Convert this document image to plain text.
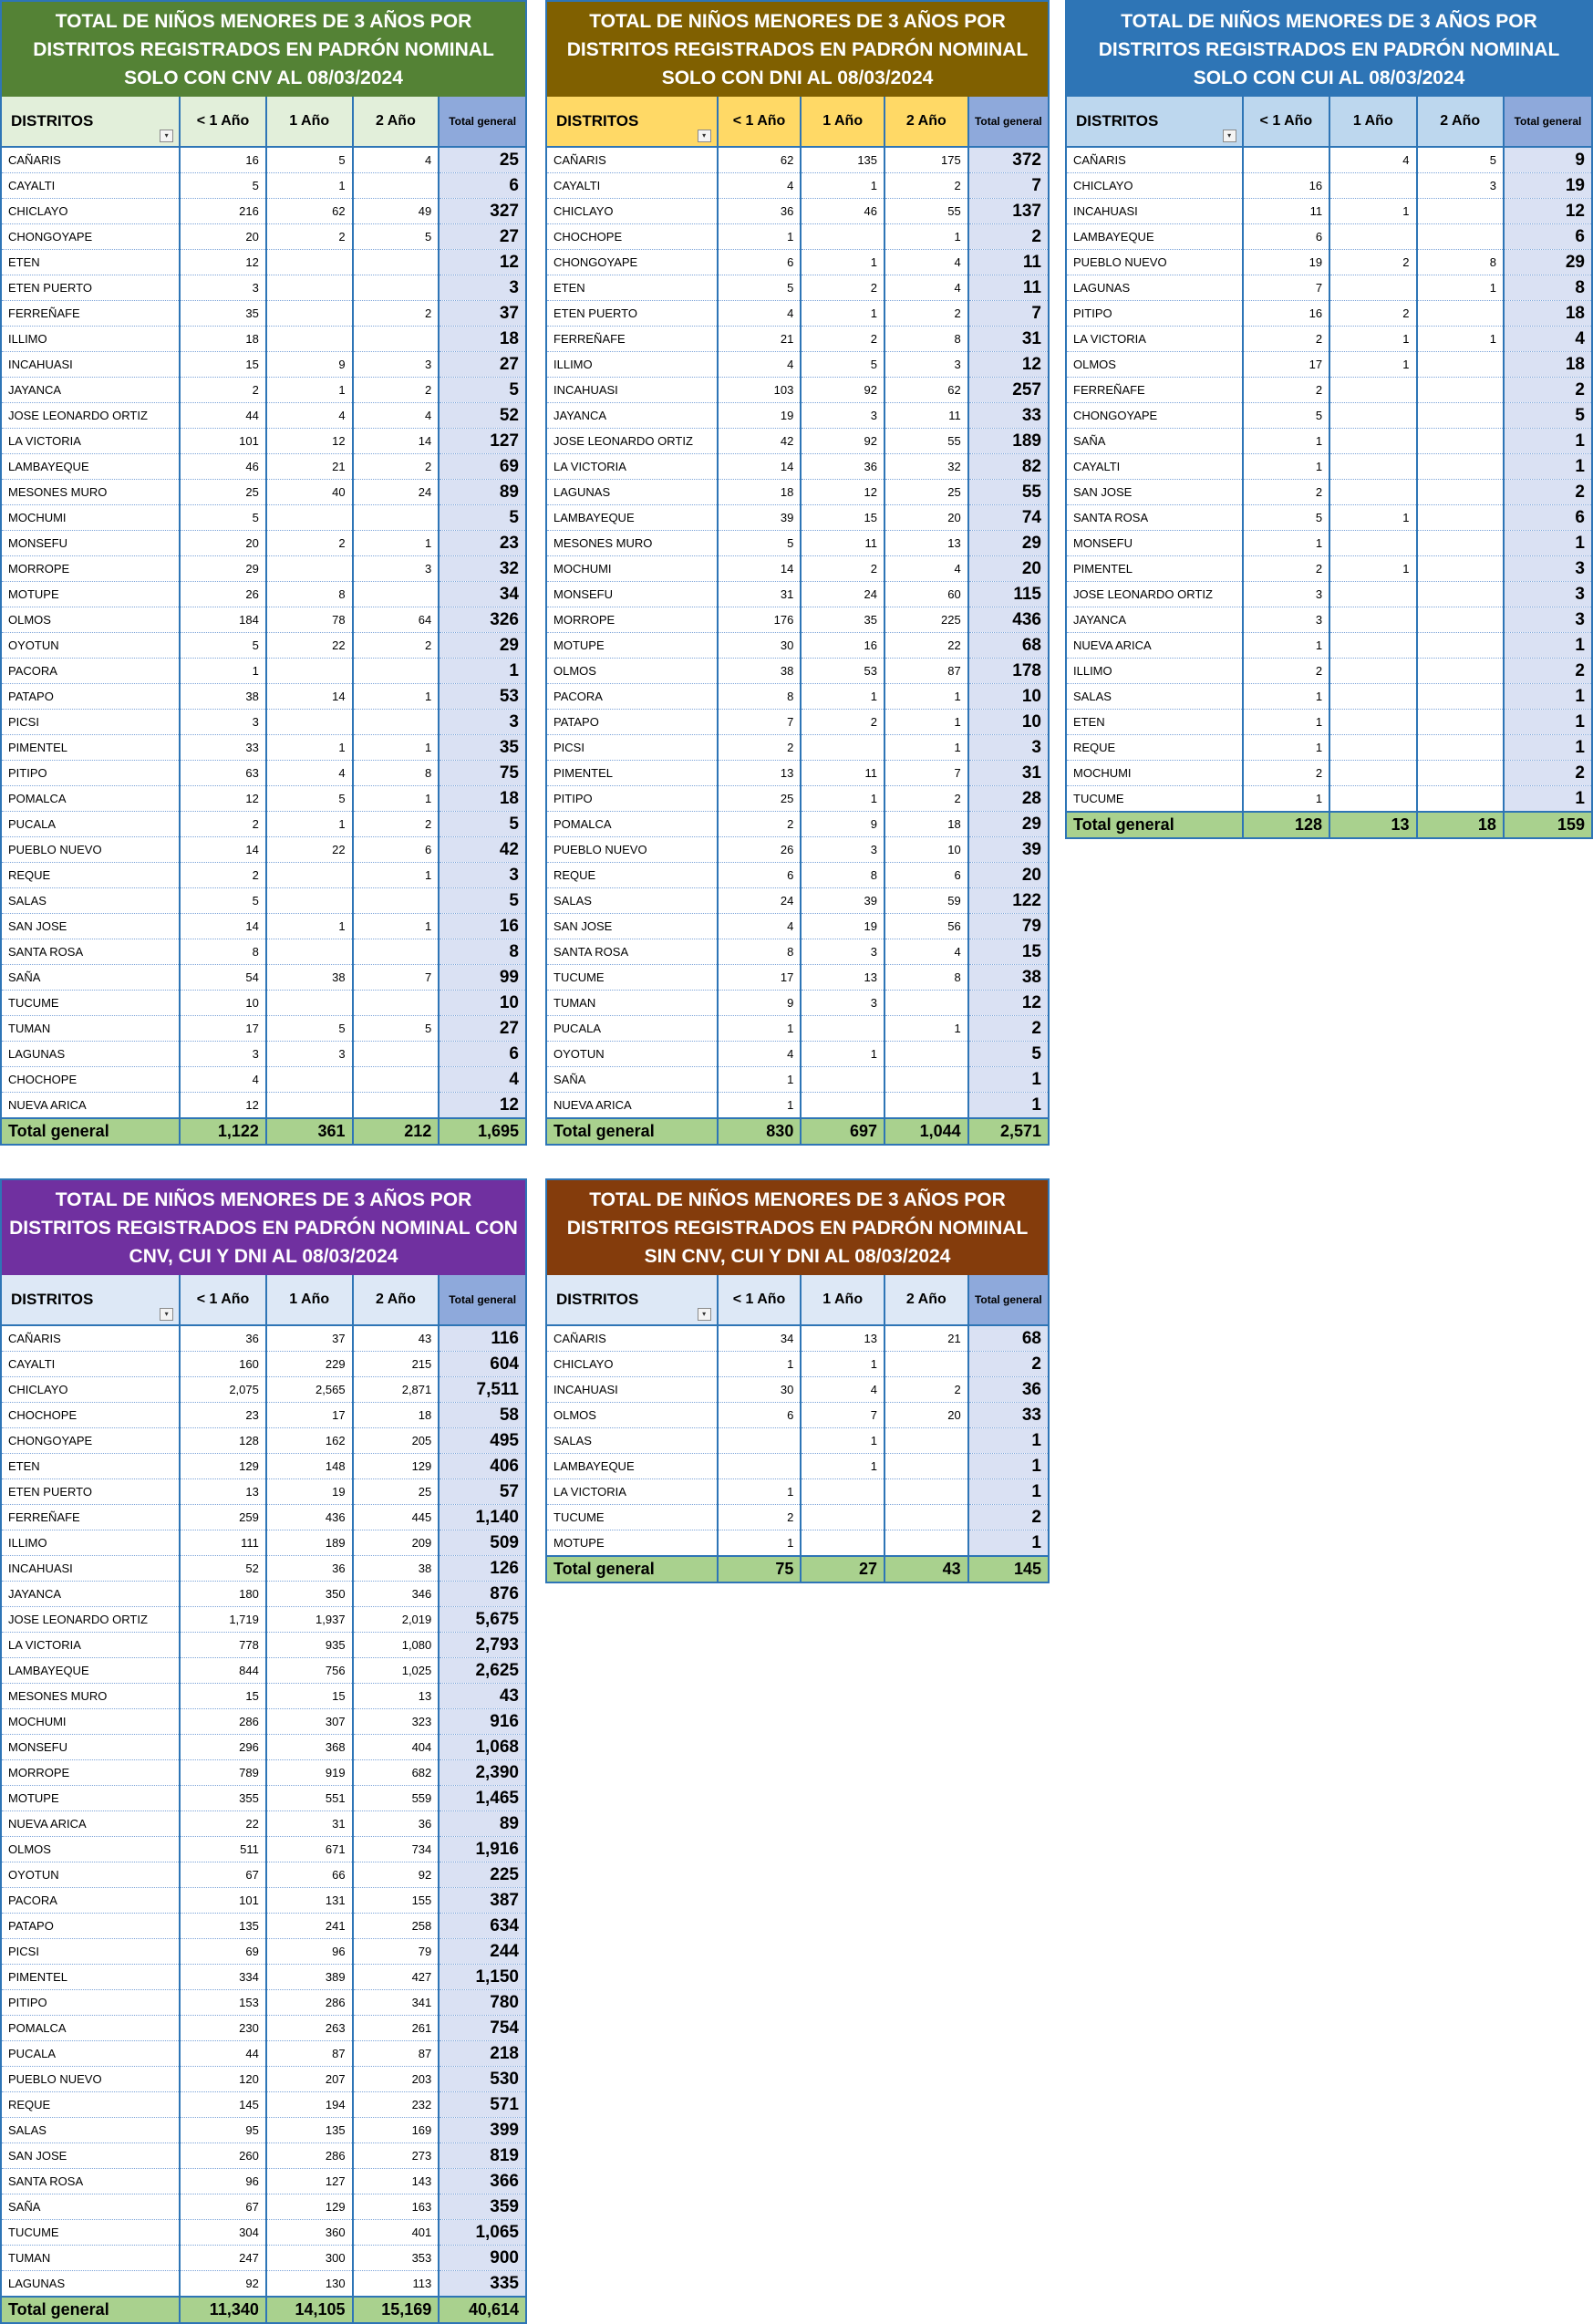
TOTAL DE NIÑOS MENORES DE 3 AÑOS POR DISTRITOS REGISTRADOS EN PADRÓN NOMINAL SOLO CON CNV AL 08/03/2024
DISTRITOS
▾	< 1 Año	1 Año	2 Año	Total general
CAÑARIS	16	5	4	25
CAYALTI	5	1		6
CHICLAYO	216	62	49	327
CHONGOYAPE	20	2	5	27
ETEN	12			12
ETEN PUERTO	3			3
FERREÑAFE	35		2	37
ILLIMO	18			18
INCAHUASI	15	9	3	27
JAYANCA	2	1	2	5
JOSE LEONARDO ORTIZ	44	4	4	52
LA VICTORIA	101	12	14	127
LAMBAYEQUE	46	21	2	69
MESONES MURO	25	40	24	89
MOCHUMI	5			5
MONSEFU	20	2	1	23
MORROPE	29		3	32
MOTUPE	26	8		34
OLMOS	184	78	64	326
OYOTUN	5	22	2	29
PACORA	1			1
PATAPO	38	14	1	53
PICSI	3			3
PIMENTEL	33	1	1	35
PITIPO	63	4	8	75
POMALCA	12	5	1	18
PUCALA	2	1	2	5
PUEBLO NUEVO	14	22	6	42
REQUE	2		1	3
SALAS	5			5
SAN JOSE	14	1	1	16
SANTA ROSA	8			8
SAÑA	54	38	7	99
TUCUME	10			10
TUMAN	17	5	5	27
LAGUNAS	3	3		6
CHOCHOPE	4			4
NUEVA ARICA	12			12
Total general	1,122	361	212	1,695
TOTAL DE NIÑOS MENORES DE 3 AÑOS POR DISTRITOS REGISTRADOS EN PADRÓN NOMINAL SOLO CON DNI AL 08/03/2024
DISTRITOS
▾	< 1 Año	1 Año	2 Año	Total general
CAÑARIS	62	135	175	372
CAYALTI	4	1	2	7
CHICLAYO	36	46	55	137
CHOCHOPE	1		1	2
CHONGOYAPE	6	1	4	11
ETEN	5	2	4	11
ETEN PUERTO	4	1	2	7
FERREÑAFE	21	2	8	31
ILLIMO	4	5	3	12
INCAHUASI	103	92	62	257
JAYANCA	19	3	11	33
JOSE LEONARDO ORTIZ	42	92	55	189
LA VICTORIA	14	36	32	82
LAGUNAS	18	12	25	55
LAMBAYEQUE	39	15	20	74
MESONES MURO	5	11	13	29
MOCHUMI	14	2	4	20
MONSEFU	31	24	60	115
MORROPE	176	35	225	436
MOTUPE	30	16	22	68
OLMOS	38	53	87	178
PACORA	8	1	1	10
PATAPO	7	2	1	10
PICSI	2		1	3
PIMENTEL	13	11	7	31
PITIPO	25	1	2	28
POMALCA	2	9	18	29
PUEBLO NUEVO	26	3	10	39
REQUE	6	8	6	20
SALAS	24	39	59	122
SAN JOSE	4	19	56	79
SANTA ROSA	8	3	4	15
TUCUME	17	13	8	38
TUMAN	9	3		12
PUCALA	1		1	2
OYOTUN	4	1		5
SAÑA	1			1
NUEVA ARICA	1			1
Total general	830	697	1,044	2,571
TOTAL DE NIÑOS MENORES DE 3 AÑOS POR DISTRITOS REGISTRADOS EN PADRÓN NOMINAL SOLO CON CUI AL 08/03/2024
DISTRITOS
▾	< 1 Año	1 Año	2 Año	Total general
CAÑARIS		4	5	9
CHICLAYO	16		3	19
INCAHUASI	11	1		12
LAMBAYEQUE	6			6
PUEBLO NUEVO	19	2	8	29
LAGUNAS	7		1	8
PITIPO	16	2		18
LA VICTORIA	2	1	1	4
OLMOS	17	1		18
FERREÑAFE	2			2
CHONGOYAPE	5			5
SAÑA	1			1
CAYALTI	1			1
SAN JOSE	2			2
SANTA ROSA	5	1		6
MONSEFU	1			1
PIMENTEL	2	1		3
JOSE LEONARDO ORTIZ	3			3
JAYANCA	3			3
NUEVA ARICA	1			1
ILLIMO	2			2
SALAS	1			1
ETEN	1			1
REQUE	1			1
MOCHUMI	2			2
TUCUME	1			1
Total general	128	13	18	159
TOTAL DE NIÑOS MENORES DE 3 AÑOS POR DISTRITOS REGISTRADOS EN PADRÓN NOMINAL CON CNV, CUI Y DNI AL 08/03/2024
DISTRITOS
▾	< 1 Año	1 Año	2 Año	Total general
CAÑARIS	36	37	43	116
CAYALTI	160	229	215	604
CHICLAYO	2,075	2,565	2,871	7,511
CHOCHOPE	23	17	18	58
CHONGOYAPE	128	162	205	495
ETEN	129	148	129	406
ETEN PUERTO	13	19	25	57
FERREÑAFE	259	436	445	1,140
ILLIMO	111	189	209	509
INCAHUASI	52	36	38	126
JAYANCA	180	350	346	876
JOSE LEONARDO ORTIZ	1,719	1,937	2,019	5,675
LA VICTORIA	778	935	1,080	2,793
LAMBAYEQUE	844	756	1,025	2,625
MESONES MURO	15	15	13	43
MOCHUMI	286	307	323	916
MONSEFU	296	368	404	1,068
MORROPE	789	919	682	2,390
MOTUPE	355	551	559	1,465
NUEVA ARICA	22	31	36	89
OLMOS	511	671	734	1,916
OYOTUN	67	66	92	225
PACORA	101	131	155	387
PATAPO	135	241	258	634
PICSI	69	96	79	244
PIMENTEL	334	389	427	1,150
PITIPO	153	286	341	780
POMALCA	230	263	261	754
PUCALA	44	87	87	218
PUEBLO NUEVO	120	207	203	530
REQUE	145	194	232	571
SALAS	95	135	169	399
SAN JOSE	260	286	273	819
SANTA ROSA	96	127	143	366
SAÑA	67	129	163	359
TUCUME	304	360	401	1,065
TUMAN	247	300	353	900
LAGUNAS	92	130	113	335
Total general	11,340	14,105	15,169	40,614
TOTAL DE NIÑOS MENORES DE 3 AÑOS POR DISTRITOS REGISTRADOS EN PADRÓN NOMINAL SIN CNV, CUI Y DNI AL 08/03/2024
DISTRITOS
▾	< 1 Año	1 Año	2 Año	Total general
CAÑARIS	34	13	21	68
CHICLAYO	1	1		2
INCAHUASI	30	4	2	36
OLMOS	6	7	20	33
SALAS		1		1
LAMBAYEQUE		1		1
LA VICTORIA	1			1
TUCUME	2			2
MOTUPE	1			1
Total general	75	27	43	145
